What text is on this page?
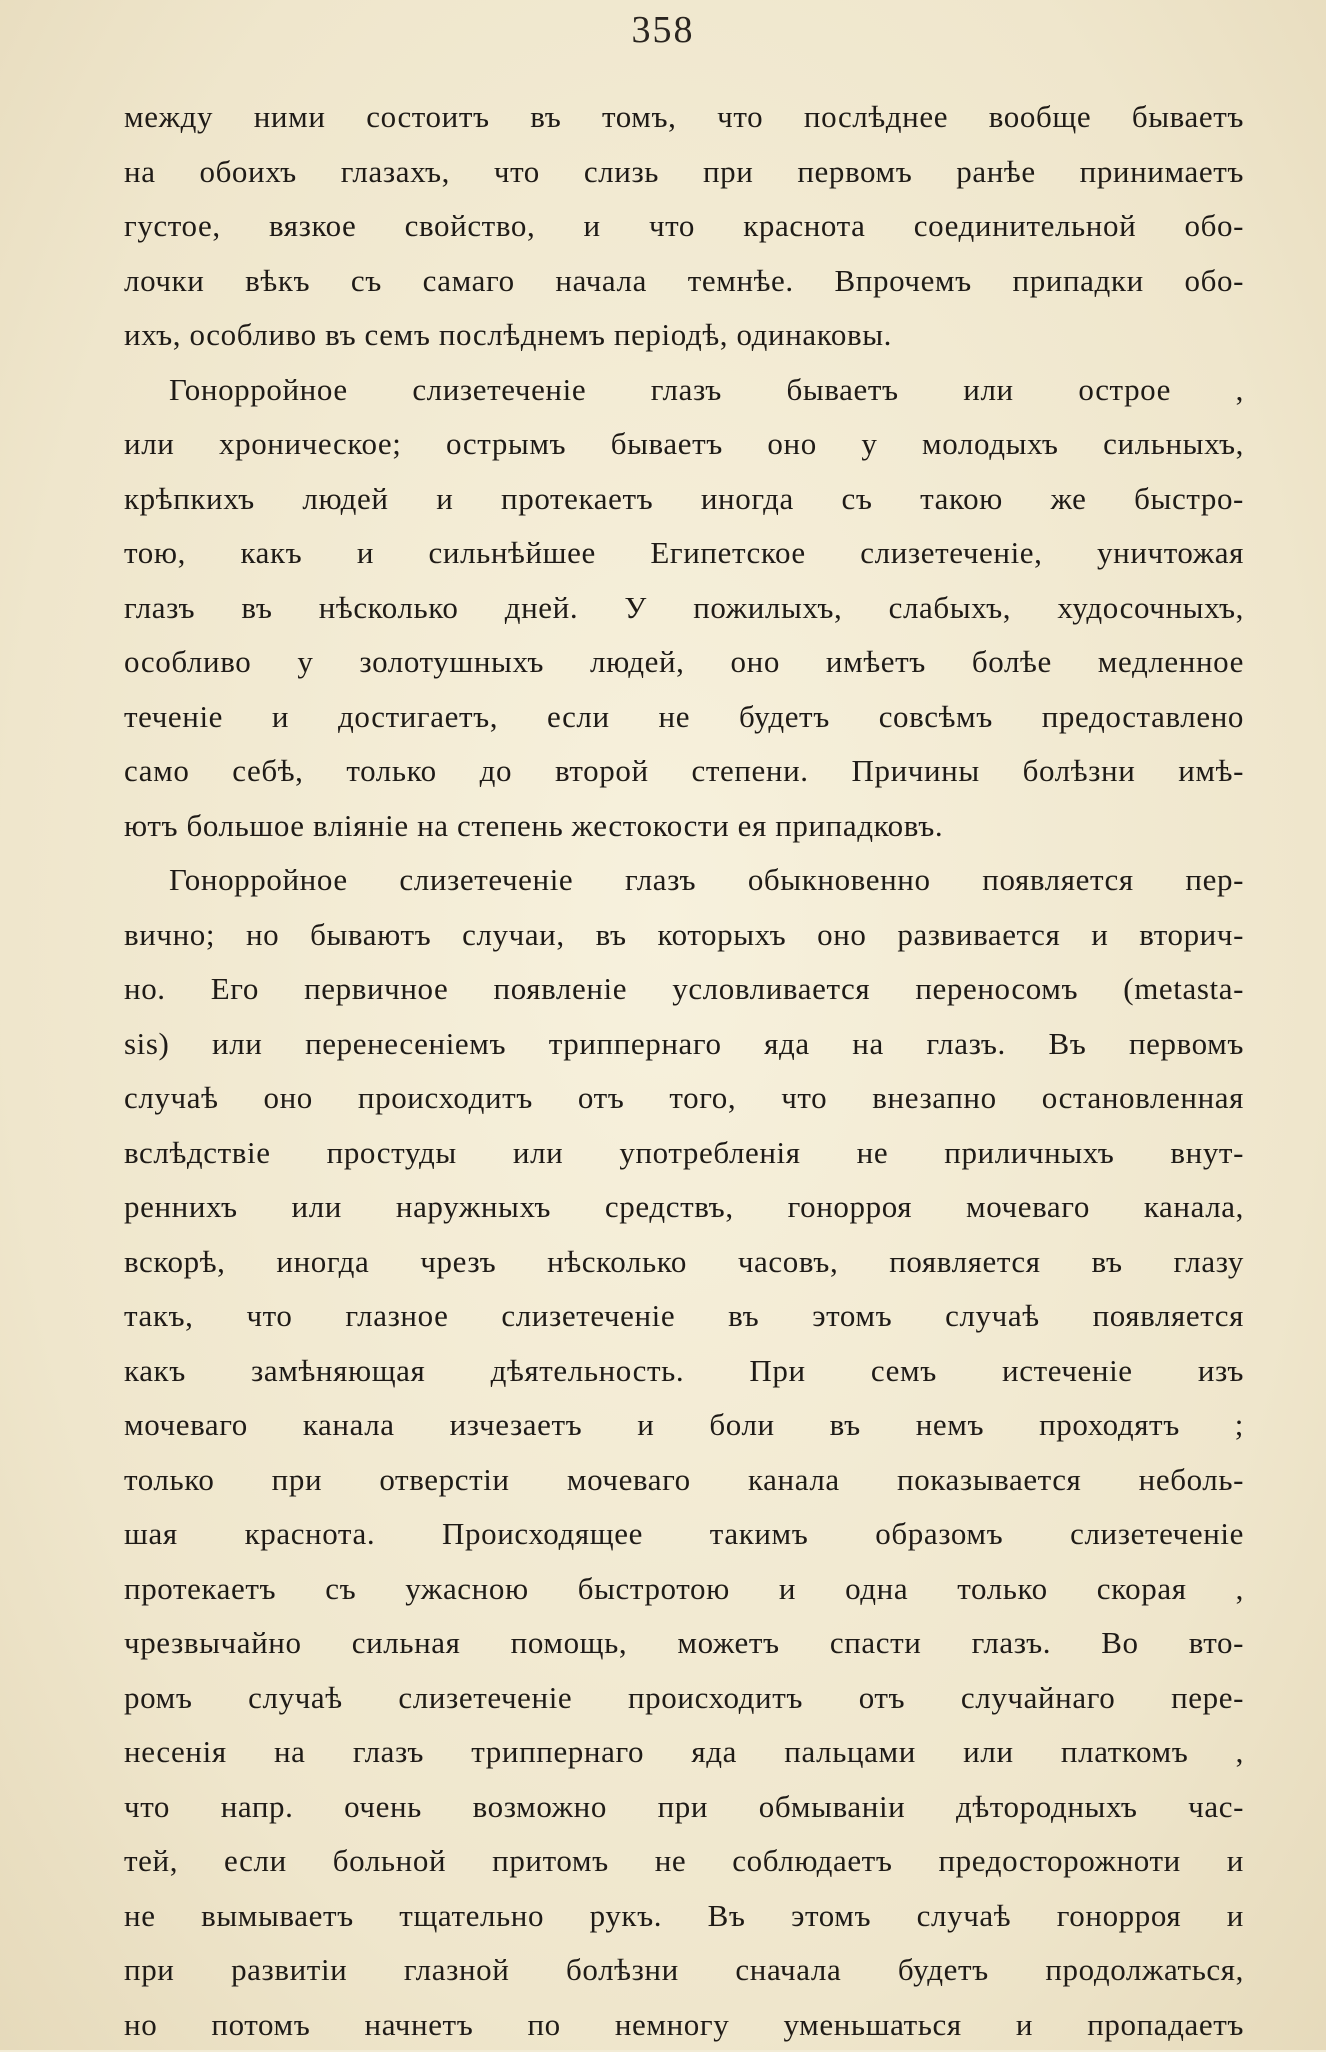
358
между ними состоитъ въ томъ, что послѣднее вообще бываетъ
на обоихъ глазахъ, что слизь при первомъ ранѣе принимаетъ
густое, вязкое свойство, и что краснота соединительной обо-
лочки вѣкъ съ самаго начала темнѣе. Впрочемъ припадки обо-
ихъ, особливо въ семъ послѣднемъ періодѣ, одинаковы.
Гонорройное слизетеченіе глазъ бываетъ или острое ,
или хроническое; острымъ бываетъ оно у молодыхъ сильныхъ,
крѣпкихъ людей и протекаетъ иногда съ такою же быстро-
тою, какъ и сильнѣйшее Египетское слизетеченіе, уничтожая
глазъ въ нѣсколько дней. У пожилыхъ, слабыхъ, худосочныхъ,
особливо у золотушныхъ людей, оно имѣетъ болѣе медленное
теченіе и достигаетъ, если не будетъ совсѣмъ предоставлено
само себѣ, только до второй степени. Причины болѣзни имѣ-
ютъ большое вліяніе на степень жестокости ея припадковъ.
Гонорройное слизетеченіе глазъ обыкновенно появляется пер-
вично; но бываютъ случаи, въ которыхъ оно развивается и вторич-
но. Его первичное появленіе условливается переносомъ (metasta-
sis) или перенесеніемъ триппернаго яда на глазъ. Въ первомъ
случаѣ оно происходитъ отъ того, что внезапно остановленная
вслѣдствіе простуды или употребленія не приличныхъ внут-
реннихъ или наружныхъ средствъ, гонорроя мочеваго канала,
вскорѣ, иногда чрезъ нѣсколько часовъ, появляется въ глазу
такъ, что глазное слизетеченіе въ этомъ случаѣ появляется
какъ замѣняющая дѣятельность. При семъ истеченіе изъ
мочеваго канала изчезаетъ и боли въ немъ проходятъ ;
только при отверстіи мочеваго канала показывается неболь-
шая краснота. Происходящее такимъ образомъ слизетеченіе
протекаетъ съ ужасною быстротою и одна только скорая ,
чрезвычайно сильная помощь, можетъ спасти глазъ. Во вто-
ромъ случаѣ слизетеченіе происходитъ отъ случайнаго пере-
несенія на глазъ триппернаго яда пальцами или платкомъ ,
что напр. очень возможно при обмываніи дѣтородныхъ час-
тей, если больной притомъ не соблюдаетъ предосторожноти и
не вымываетъ тщательно рукъ. Въ этомъ случаѣ гонорроя и
при развитіи глазной болѣзни сначала будетъ продолжаться,
но потомъ начнетъ по немногу уменьшаться и пропадаетъ
